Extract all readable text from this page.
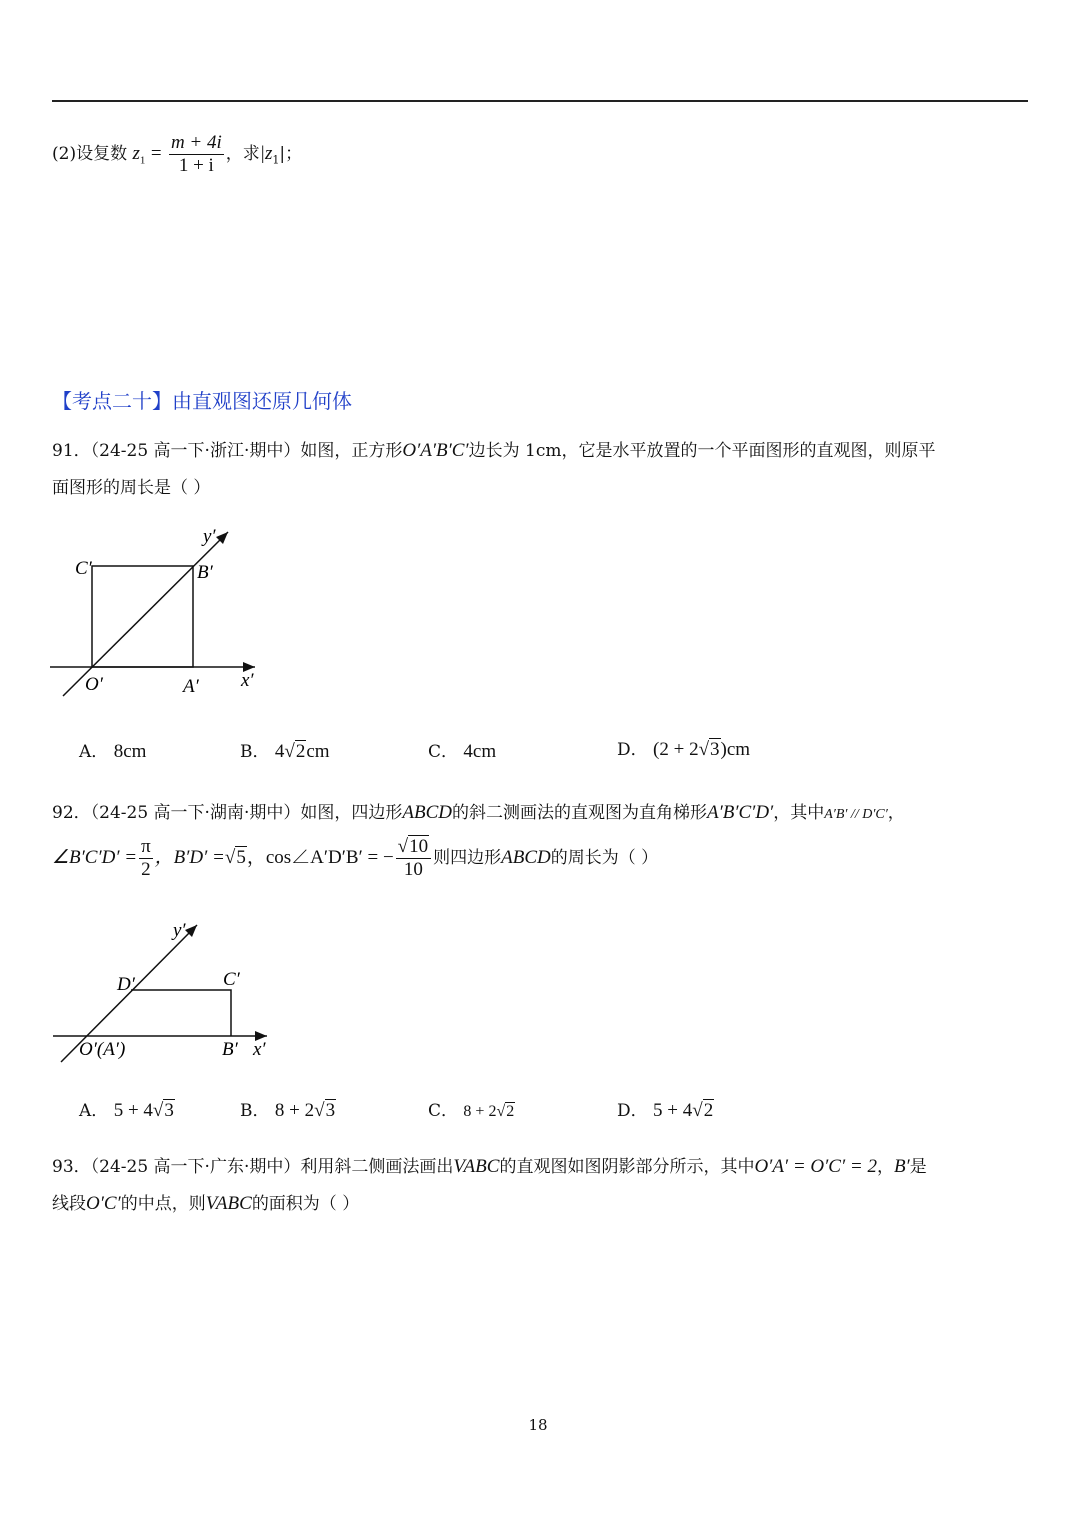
(2)设复数 $z_1 = \frac{m + 4i}{1 + i}$ ，求$|z_1|$；
【考点二十】由直观图还原几何体
91．（24-25 高一下·浙江·期中）如图，正方形O′A′B′C′边长为 1cm，它是水平放置的一个平面图形的直观图，则原平
面图形的周长是（ ）
C′	B′
y′
O′	A′ x′
A． 8cm	B． 4√2cm	C． 4cm	D． (2 + 2√3)cm
92．（24-25 高一下·湖南·期中）如图，四边形ABCD的斜二测画法的直观图为直角梯形A′B′C′D′，其中A′B′ // D′C′，
∠B′C′D′ = $\frac{\pi}{2}$ ，B′D′ =√5，cos∠A′D′B′ = − $\frac{√10}{10}$ 则四边形ABCD的周长为（ ）
y′
D′	C′
O′(A′)	B′ x′
A． 5 + 4√3	B． 8 + 2√3	C． 8 + 2√2	D． 5 + 4√2
93．（24-25 高一下·广东·期中）利用斜二侧画法画出VABC的直观图如图阴影部分所示，其中O′A′ = O′C′ = 2，B′是
线段O′C′的中点，则VABC的面积为（ ）
18
